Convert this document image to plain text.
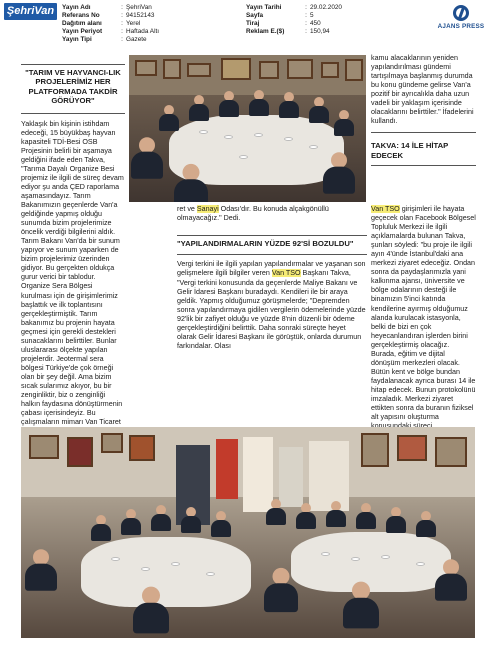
ŞehriVan	Yayın Adı	: ŞehriVan
Referans No	: 94152143
Dağıtım alanı	: Yerel
Yayın Periyot	: Haftada Altı
Yayın Tipi	: Gazete
Yayın Tarihi	: 29.02.2020
Sayfa	: 5
Tiraj	: 450
Reklam E.($)	: 150,94
AJANS PRESS

"TARIM VE HAYVANCI-LIK PROJELERİMİZ HER PLATFORMADA TAKDİR GÖRÜYOR"

Yaklaşık bin kişinin istihdam edeceği, 15 büyükbaş hayvan kapasiteli TDİ-Besi OSB Projesinin belirli bir aşamaya geldiğini ifade eden Takva, "Tarıma Dayalı Organize Besi projemiz ile ilgili de süreç devam ediyor şu anda ÇED raporlama aşamasındayız. Tarım Bakanımızın geçenlerde Van'a geldiğinde yapmış olduğu sunumda bizim projelerimize öncelik verdiği bilgilerini aldık. Tarım Bakanı Van'da bir sunum yapıyor ve sunum yaparken de bizim projelerimiz üzerinden gidiyor. Bu gerçekten oldukça gurur verici bir tablodur. Organize Sera Bölgesi kurulması için de girişimlerimiz başlattık ve ilk toplantısını gerçekleştirmiştik. Tarım bakanımız bu projenin hayata geçmesi için gerekli destekleri sunacaklarını belirttiler. Bunlar uluslararası ölçekte yapılan projelerdir. Jeotermal sera bölgesi Türkiye'de çok örneği olan bir şey değil. Ama bizim sıcak sularımız akıyor, bu bir zenginliktir, biz o zenginliği halkın faydasına dönüştürmenin çabası içerisindeyiz. Bu çalışmaların mimarı Van Ticaret

ret ve Sanayi Odası'dır. Bu konuda alçakgönüllü olmayacağız." Dedi.

"YAPILANDIRMALARIN YÜZDE 92'Sİ BOZULDU"

Vergi terkini ile ilgili yapılan yapılandırmalar ve yaşanan son gelişmelere ilgili bilgiler veren Van TSO Başkanı Takva, "Vergi terkini konusunda da geçenlerde Maliye Bakanı ve Gelir İdaresi Başkanı buradaydı. Kendileri ile bir araya geldik. Yapmış olduğumuz görüşmelerde; "Depremden sonra yapılandırmaya gidilen vergilerin ödemelerinde yüzde 92'lik bir zafiyet olduğu ve yüzde 8'nin düzenli bir ödeme gerçekleştirdiğini belirttik. Daha sonraki süreçte heyet olarak Gelir İdaresi Başkanı ile görüştük, onlarda durumun farkındalar. Olası

kamu alacaklarının yeniden yapılandırılması gündemi tartışılmaya başlanmış durumda bu konu gündeme gelirse Van'a pozitif bir ayrıcalıkla daha uzun vadeli bir yaklaşım içerisinde olacaklarını belirttiler." İfadelerini kullandı.

TAKVA: 14 İLE HİTAP EDECEK

Van TSO girişimleri ile hayata geçecek olan Facebook Bölgesel Topluluk Merkezi ile ilgili açıklamalarda bulunan Takva, şunları söyledi: "bu proje ile ilgili ayın 4'ünde İstanbul'daki ana merkezi ziyaret edeceğiz. Ondan sonra da paydaşlarımızla yani kalkınma ajansı, üniversite ve bölge odalarının desteği ile binamızın 5'inci katında kendilerine ayırmış olduğumuz alanda kurulacak istasyonla, belki de bizi en çok heyecanlandıran işlerden birini gerçekleştirmiş olacağız. Burada, eğitim ve dijital dönüşüm merkezleri olacak. Bütün kent ve bölge bundan faydalanacak ayrıca burası 14 ile hitap edecek. Bunun protokolünü imzaladık. Merkezi ziyaret ettikten sonra da buranın fiziksel alt yapısını oluşturma
